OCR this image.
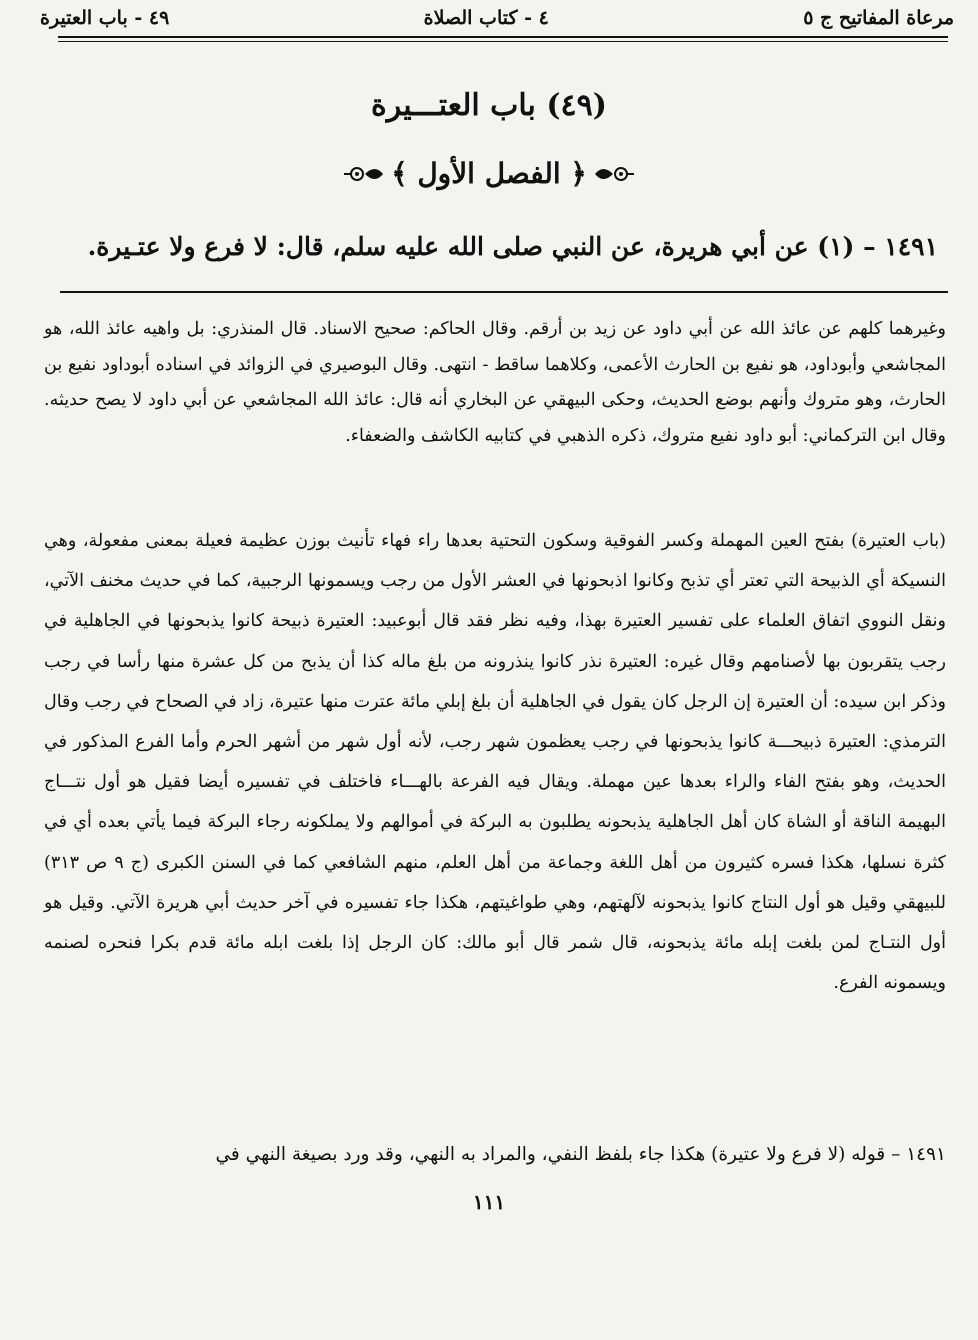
مرعاة المفاتيح ج ٥
٤ - كتاب الصلاة
٤٩ - باب العتيرة
(٤٩) باب العتـــيرة
﴿ الفصل الأول ﴾
١٤٩١ – (١) عن أبي هريرة، عن النبي صلى الله عليه سلم، قال: لا فرع ولا عتـيرة.

وغيرهما كلهم عن عائذ الله عن أبي داود عن زيد بن أرقم. وقال الحاكم: صحيح الاسناد. قال المنذري: بل واهيه عائذ الله، هو المجاشعي وأبوداود، هو نفيع بن الحارث الأعمى، وكلاهما ساقط - انتهى. وقال البوصيري في الزوائد في اسناده أبوداود نفيع بن الحارث، وهو متروك وأنهم بوضع الحديث، وحكى البيهقي عن البخاري أنه قال: عائذ الله المجاشعي عن أبي داود لا يصح حديثه. وقال ابن التركماني: أبو داود نفيع متروك، ذكره الذهبي في كتابيه الكاشف والضعفاء.

(باب العتيرة) بفتح العين المهملة وكسر الفوقية وسكون التحتية بعدها راء فهاء تأنيث بوزن عظيمة فعيلة بمعنى مفعولة، وهي النسيكة أي الذبيحة التي تعتر أي تذبح وكانوا اذبحونها في العشر الأول من رجب ويسمونها الرجبية، كما في حديث مخنف الآتي، ونقل النووي اتفاق العلماء على تفسير العتيرة بهذا، وفيه نظر فقد قال أبوعبيد: العتيرة ذبيحة كانوا يذبحونها في الجاهلية في رجب يتقربون بها لأصنامهم وقال غيره: العتيرة نذر كانوا ينذرونه من بلغ ماله كذا أن يذبح من كل عشرة منها رأسا في رجب وذكر ابن سيده: أن العتيرة إن الرجل كان يقول في الجاهلية أن بلغ إبلي مائة عترت منها عتيرة، زاد في الصحاح في رجب وقال الترمذي: العتيرة ذبيحـــة كانوا يذبحونها في رجب يعظمون شهر رجب، لأنه أول شهر من أشهر الحرم وأما الفرع المذكور في الحديث، وهو بفتح الفاء والراء بعدها عين مهملة. ويقال فيه الفرعة بالهـــاء فاختلف في تفسيره أيضا فقيل هو أول نتـــاج البهيمة الناقة أو الشاة كان أهل الجاهلية يذبحونه يطلبون به البركة في أموالهم ولا يملكونه رجاء البركة فيما يأتي بعده أي في كثرة نسلها، هكذا فسره كثيرون من أهل اللغة وجماعة من أهل العلم، منهم الشافعي كما في السنن الكبرى (ج ٩ ص ٣١٣) للبيهقي وقيل هو أول النتاج كانوا يذبحونه لآلهتهم، وهي طواغيتهم، هكذا جاء تفسيره في آخر حديث أبي هريرة الآتي. وقيل هو أول النتـاج لمن بلغت إبله مائة يذبحونه، قال شمر قال أبو مالك: كان الرجل إذا بلغت ابله مائة قدم بكرا فنحره لصنمه ويسمونه الفرع.

١٤٩١ – قوله (لا فرع ولا عتيرة) هكذا جاء بلفظ النفي، والمراد به النهي، وقد ورد بصيغة النهي في

١١١
